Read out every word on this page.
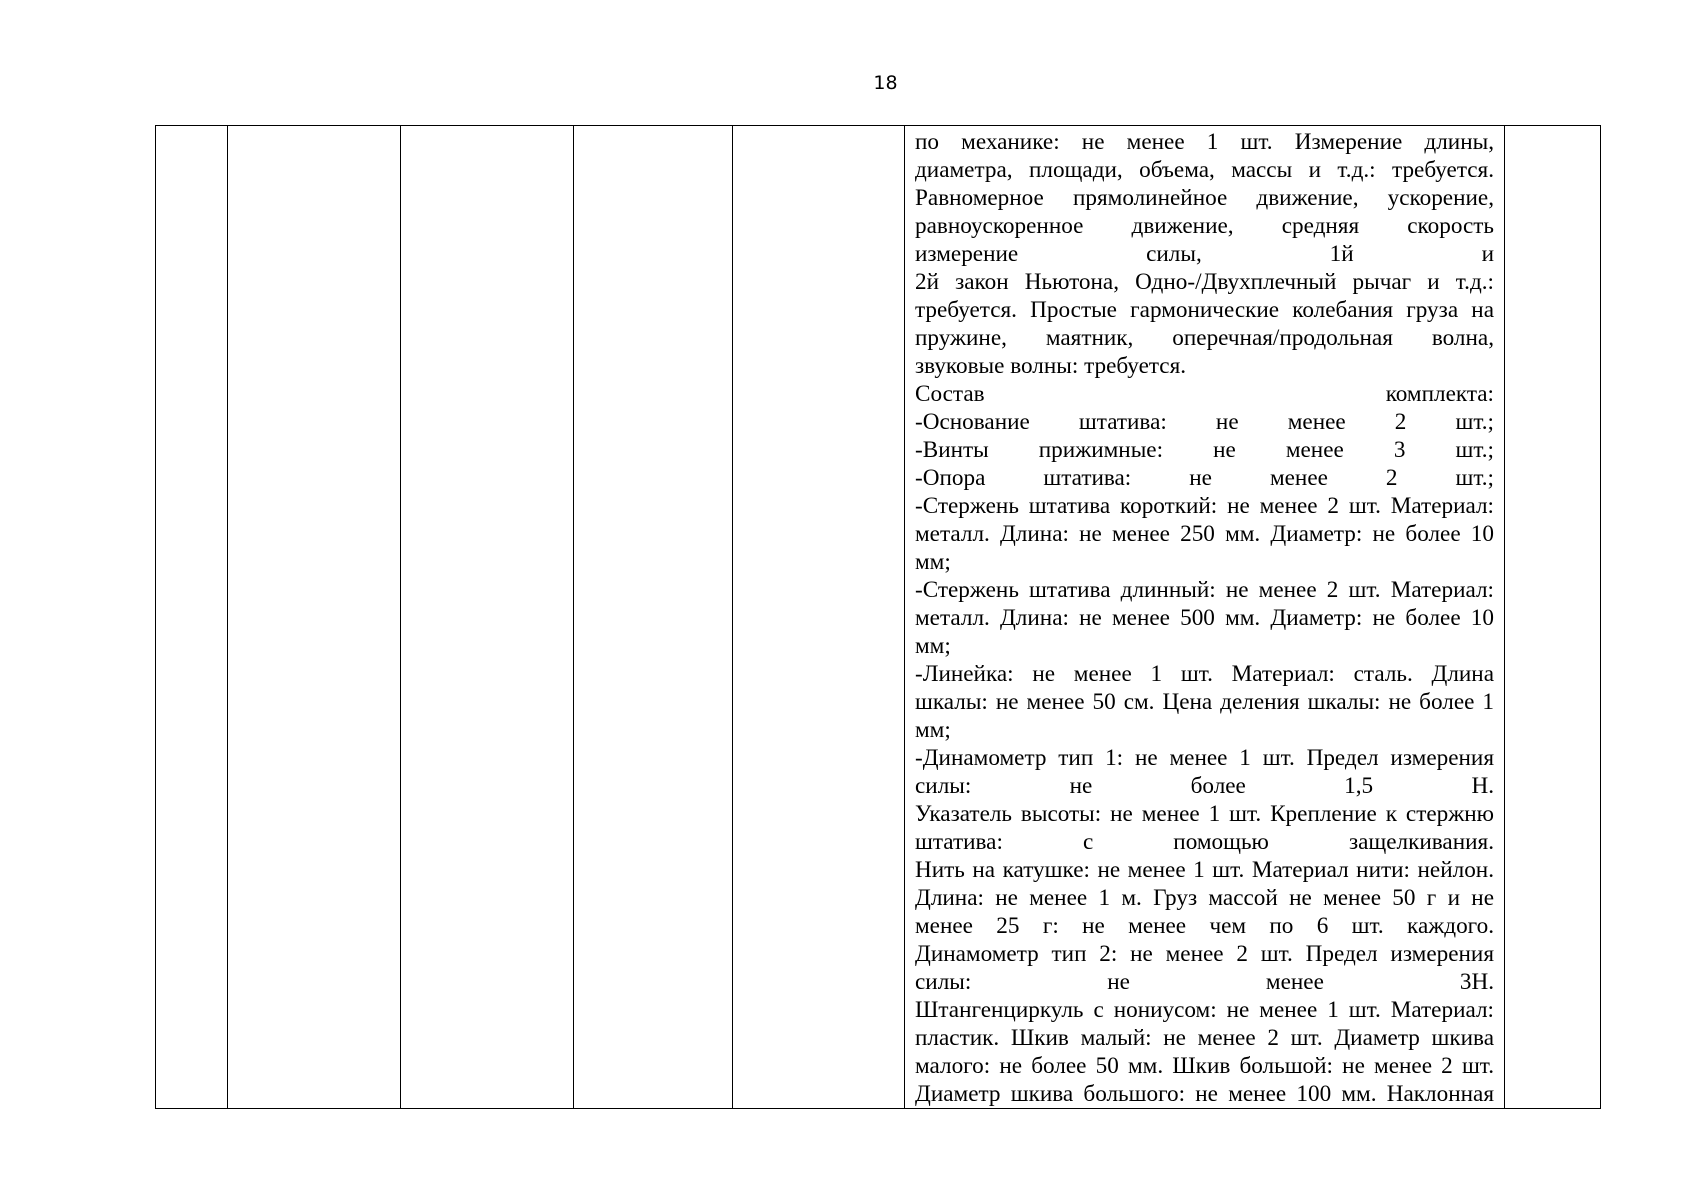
18

по механике: не менее 1 шт. Измерение длины,
диаметра, площади, объема, массы и т.д.: требуется.
Равномерное прямолинейное движение, ускорение,
равноускоренное движение, средняя скорость
измерение силы, 1й и
2й закон Ньютона, Одно-/Двухплечный рычаг и т.д.:
требуется. Простые гармонические колебания груза на
пружине, маятник, оперечная/продольная волна,
звуковые волны: требуется.
Состав комплекта:
-Основание штатива: не менее 2 шт.;
-Винты прижимные: не менее 3 шт.;
-Опора штатива: не менее 2 шт.;
-Стержень штатива короткий: не менее 2 шт. Материал:
металл. Длина: не менее 250 мм. Диаметр: не более 10
мм;
-Стержень штатива длинный: не менее 2 шт. Материал:
металл. Длина: не менее 500 мм. Диаметр: не более 10
мм;
-Линейка: не менее 1 шт. Материал: сталь. Длина
шкалы: не менее 50 см. Цена деления шкалы: не более 1
мм;
-Динамометр тип 1: не менее 1 шт. Предел измерения
силы: не более 1,5 Н.
Указатель высоты: не менее 1 шт. Крепление к стержню
штатива: с помощью защелкивания.
Нить на катушке: не менее 1 шт. Материал нити: нейлон.
Длина: не менее 1 м. Груз массой не менее 50 г и не
менее 25 г: не менее чем по 6 шт. каждого.
Динамометр тип 2: не менее 2 шт. Предел измерения
силы: не менее 3Н.
Штангенциркуль с нониусом: не менее 1 шт. Материал:
пластик. Шкив малый: не менее 2 шт. Диаметр шкива
малого: не более 50 мм. Шкив большой: не менее 2 шт.
Диаметр шкива большого: не менее 100 мм. Наклонная
